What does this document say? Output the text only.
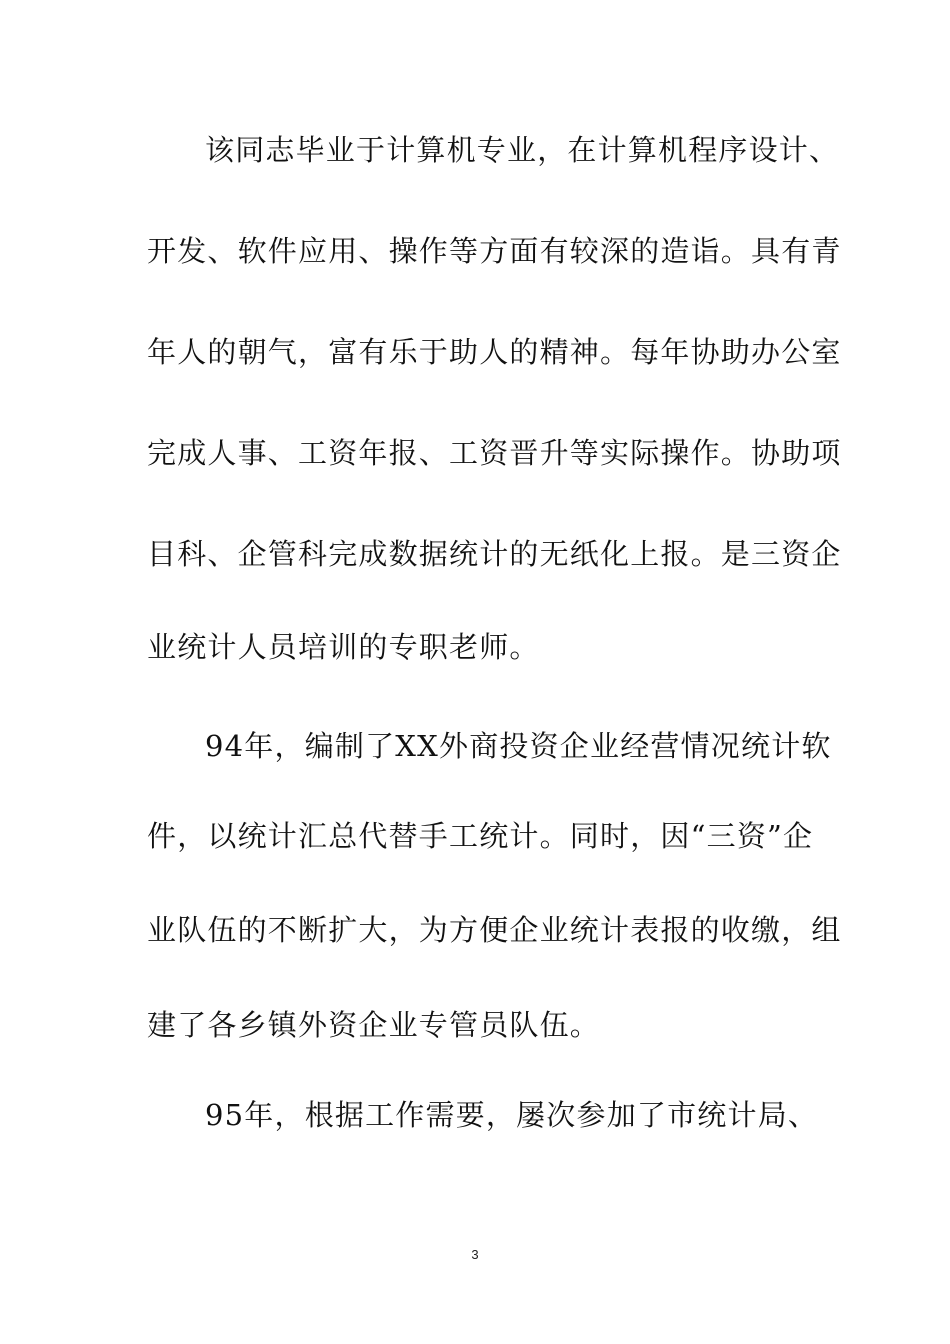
该同志毕业于计算机专业，在计算机程序设计、
开发、软件应用、操作等方面有较深的造诣。具有青
年人的朝气，富有乐于助人的精神。每年协助办公室
完成人事、工资年报、工资晋升等实际操作。协助项
目科、企管科完成数据统计的无纸化上报。是三资企
业统计人员培训的专职老师。
94年，编制了XX外商投资企业经营情况统计软
件，以统计汇总代替手工统计。同时，因“三资”企
业队伍的不断扩大，为方便企业统计表报的收缴，组
建了各乡镇外资企业专管员队伍。
95年，根据工作需要，屡次参加了市统计局、
3
